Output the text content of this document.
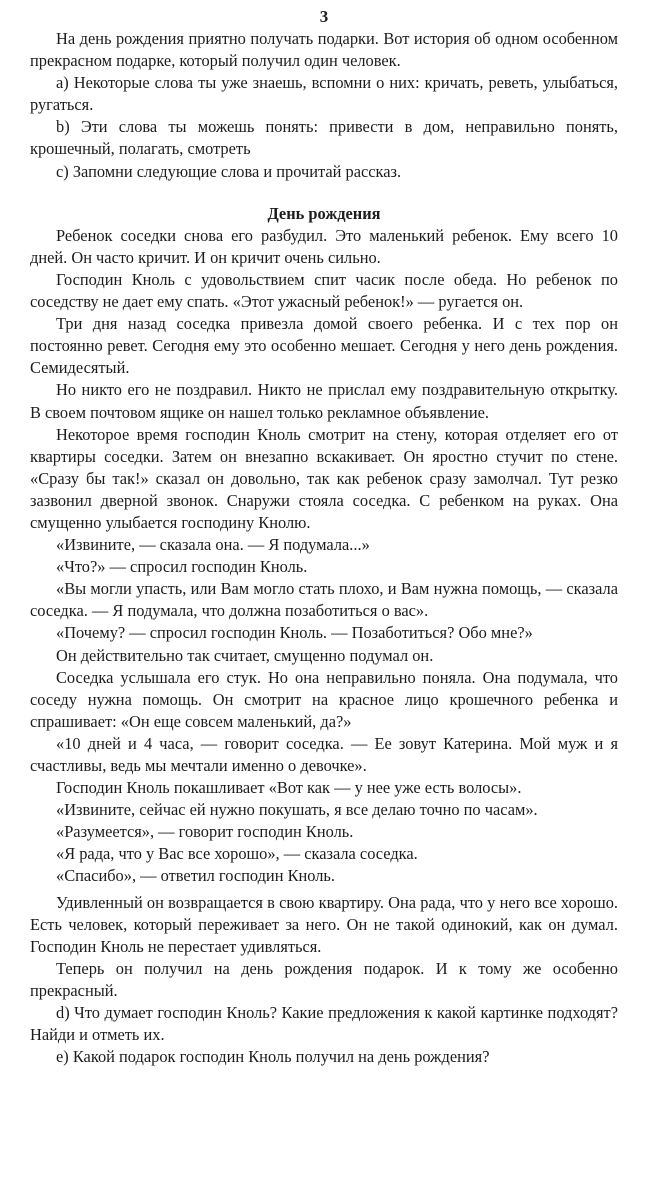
3

На день рождения приятно получать подарки. Вот история об одном особенном прекрасном подарке, который получил один человек.

а) Некоторые слова ты уже знаешь, вспомни о них: кричать, реветь, улыбаться, ругаться.

b) Эти слова ты можешь понять: привести в дом, неправильно понять, крошечный, полагать, смотреть

c) Запомни следующие слова и прочитай рассказ.

День рождения

Ребенок соседки снова его разбудил. Это маленький ребенок. Ему всего 10 дней. Он часто кричит. И он кричит очень сильно.

Господин Кноль с удовольствием спит часик после обеда. Но ребенок по соседству не дает ему спать. «Этот ужасный ребенок!» — ругается он.

Три дня назад соседка привезла домой своего ребенка. И с тех пор он постоянно ревет. Сегодня ему это особенно мешает. Сегодня у него день рождения. Семидесятый.

Но никто его не поздравил. Никто не прислал ему поздравительную открытку. В своем почтовом ящике он нашел только рекламное объявление.

Некоторое время господин Кноль смотрит на стену, которая отделяет его от квартиры соседки. Затем он внезапно вскакивает. Он яростно стучит по стене. «Сразу бы так!» сказал он довольно, так как ребенок сразу замолчал. Тут резко зазвонил дверной звонок. Снаружи стояла соседка. С ребенком на руках. Она смущенно улыбается господину Кнолю.

«Извините, — сказала она. — Я подумала...»

«Что?» — спросил господин Кноль.

«Вы могли упасть, или Вам могло стать плохо, и Вам нужна помощь, — сказала соседка. — Я подумала, что должна позаботиться о вас».

«Почему? — спросил господин Кноль. — Позаботиться? Обо мне?»

Он действительно так считает, смущенно подумал он.

Соседка услышала его стук. Но она неправильно поняла. Она подумала, что соседу нужна помощь. Он смотрит на красное лицо крошечного ребенка и спрашивает: «Он еще совсем маленький, да?»

«10 дней и 4 часа, — говорит соседка. — Ее зовут Катерина. Мой муж и я счастливы, ведь мы мечтали именно о девочке».

Господин Кноль покашливает «Вот как — у нее уже есть волосы».

«Извините, сейчас ей нужно покушать, я все делаю точно по часам».

«Разумеется», — говорит господин Кноль.

«Я рада, что у Вас все хорошо», — сказала соседка.

«Спасибо», — ответил господин Кноль.

Удивленный он возвращается в свою квартиру. Она рада, что у него все хорошо. Есть человек, который переживает за него. Он не такой одинокий, как он думал. Господин Кноль не перестает удивляться.

Теперь он получил на день рождения подарок. И к тому же особенно прекрасный.

d) Что думает господин Кноль? Какие предложения к какой картинке подходят? Найди и отметь их.

е) Какой подарок господин Кноль получил на день рождения?
